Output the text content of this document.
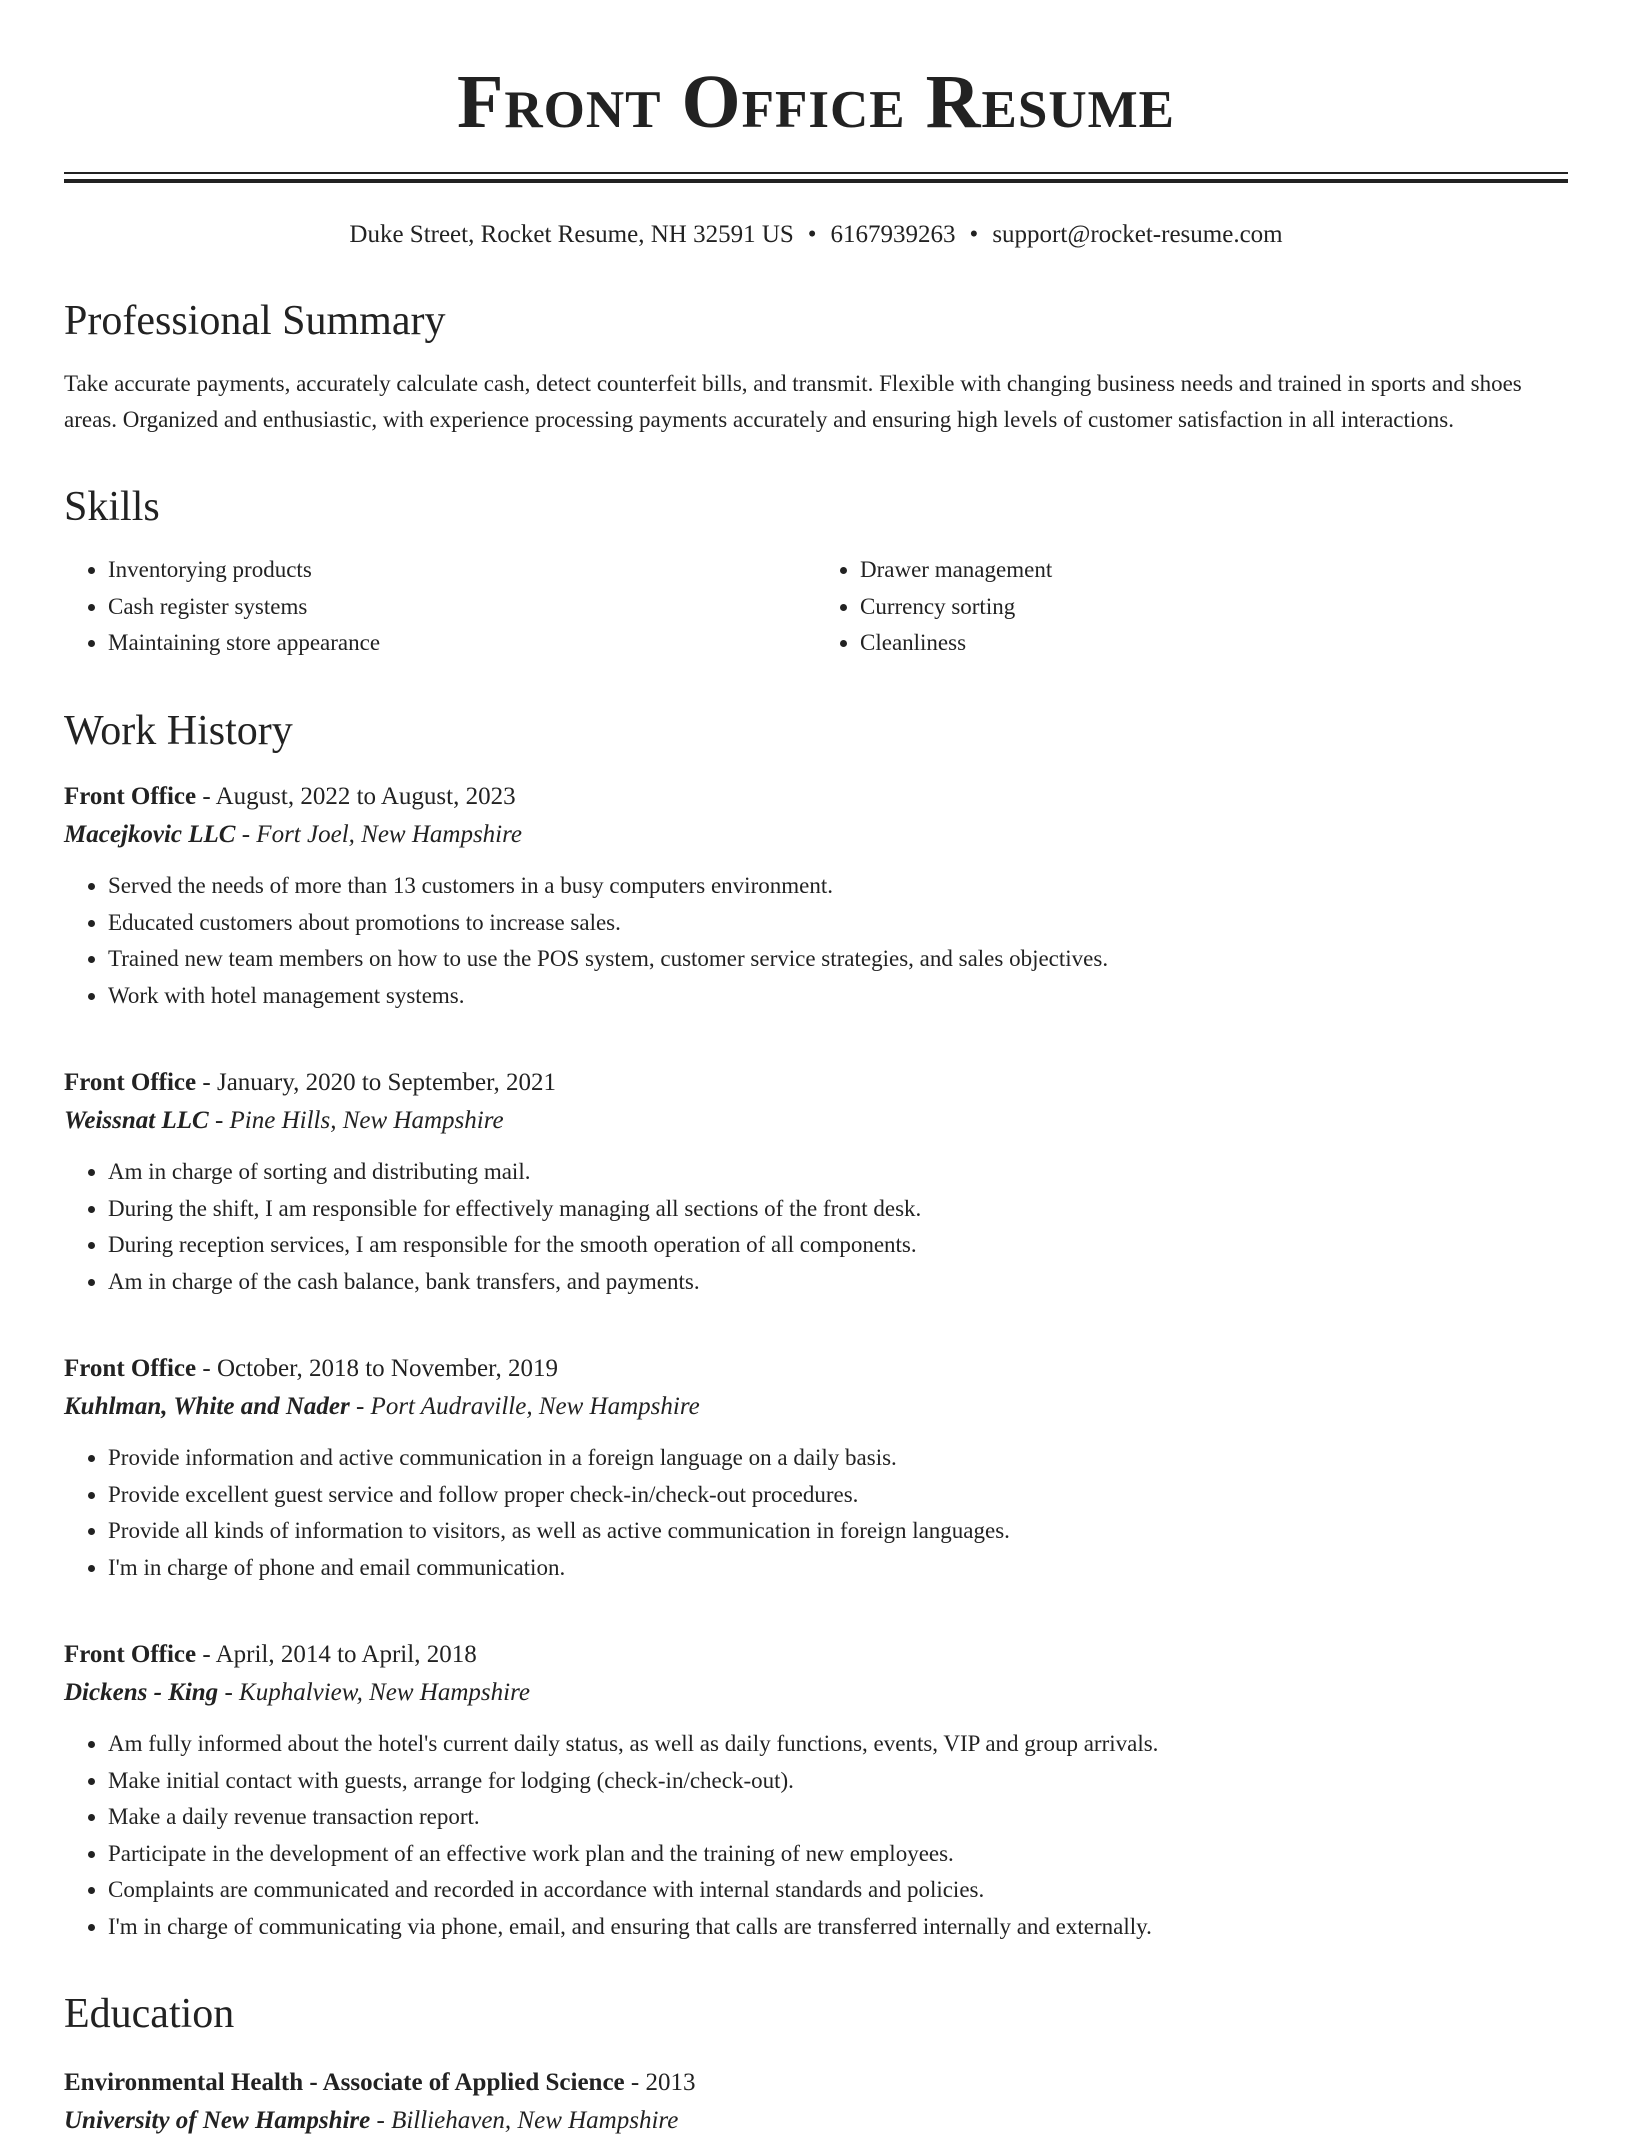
Front Office Resume
Duke Street, Rocket Resume, NH 32591 US • 6167939263 • support@rocket-resume.com
Professional Summary

Take accurate payments, accurately calculate cash, detect counterfeit bills, and transmit. Flexible with changing business needs and trained in sports and shoes areas. Organized and enthusiastic, with experience processing payments accurately and ensuring high levels of customer satisfaction in all interactions.

Skills
• Inventorying products
• Cash register systems
• Maintaining store appearance
• Drawer management
• Currency sorting
• Cleanliness
Work History
Front Office - August, 2022 to August, 2023
Macejkovic LLC - Fort Joel, New Hampshire
• Served the needs of more than 13 customers in a busy computers environment.
• Educated customers about promotions to increase sales.
• Trained new team members on how to use the POS system, customer service strategies, and sales objectives.
• Work with hotel management systems.
Front Office - January, 2020 to September, 2021
Weissnat LLC - Pine Hills, New Hampshire
• Am in charge of sorting and distributing mail.
• During the shift, I am responsible for effectively managing all sections of the front desk.
• During reception services, I am responsible for the smooth operation of all components.
• Am in charge of the cash balance, bank transfers, and payments.
Front Office - October, 2018 to November, 2019
Kuhlman, White and Nader - Port Audraville, New Hampshire
• Provide information and active communication in a foreign language on a daily basis.
• Provide excellent guest service and follow proper check-in/check-out procedures.
• Provide all kinds of information to visitors, as well as active communication in foreign languages.
• I'm in charge of phone and email communication.
Front Office - April, 2014 to April, 2018
Dickens - King - Kuphalview, New Hampshire
• Am fully informed about the hotel's current daily status, as well as daily functions, events, VIP and group arrivals.
• Make initial contact with guests, arrange for lodging (check-in/check-out).
• Make a daily revenue transaction report.
• Participate in the development of an effective work plan and the training of new employees.
• Complaints are communicated and recorded in accordance with internal standards and policies.
• I'm in charge of communicating via phone, email, and ensuring that calls are transferred internally and externally.
Education
Environmental Health - Associate of Applied Science - 2013
University of New Hampshire - Billiehaven, New Hampshire
